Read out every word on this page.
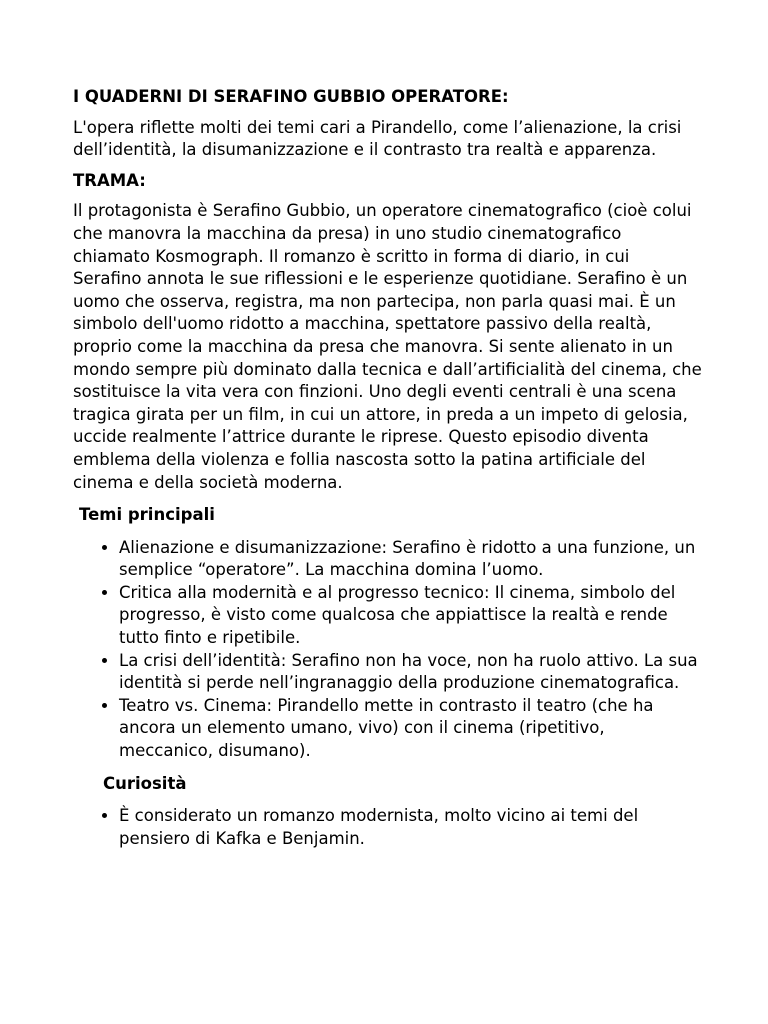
I QUADERNI DI SERAFINO GUBBIO OPERATORE:

L'opera riflette molti dei temi cari a Pirandello, come l’alienazione, la crisi dell’identità, la disumanizzazione e il contrasto tra realtà e apparenza.

TRAMA:

Il protagonista è Serafino Gubbio, un operatore cinematografico (cioè colui che manovra la macchina da presa) in uno studio cinematografico chiamato Kosmograph. Il romanzo è scritto in forma di diario, in cui Serafino annota le sue riflessioni e le esperienze quotidiane. Serafino è un uomo che osserva, registra, ma non partecipa, non parla quasi mai. È un simbolo dell'uomo ridotto a macchina, spettatore passivo della realtà, proprio come la macchina da presa che manovra. Si sente alienato in un mondo sempre più dominato dalla tecnica e dall’artificialità del cinema, che sostituisce la vita vera con finzioni. Uno degli eventi centrali è una scena tragica girata per un film, in cui un attore, in preda a un impeto di gelosia, uccide realmente l’attrice durante le riprese. Questo episodio diventa emblema della violenza e follia nascosta sotto la patina artificiale del cinema e della società moderna.

Temi principali
• Alienazione e disumanizzazione: Serafino è ridotto a una funzione, un semplice “operatore”. La macchina domina l’uomo.
• Critica alla modernità e al progresso tecnico: Il cinema, simbolo del progresso, è visto come qualcosa che appiattisce la realtà e rende tutto finto e ripetibile.
• La crisi dell’identità: Serafino non ha voce, non ha ruolo attivo. La sua identità si perde nell’ingranaggio della produzione cinematografica.
• Teatro vs. Cinema: Pirandello mette in contrasto il teatro (che ha ancora un elemento umano, vivo) con il cinema (ripetitivo, meccanico, disumano).
Curiosità
• È considerato un romanzo modernista, molto vicino ai temi del pensiero di Kafka e Benjamin.
